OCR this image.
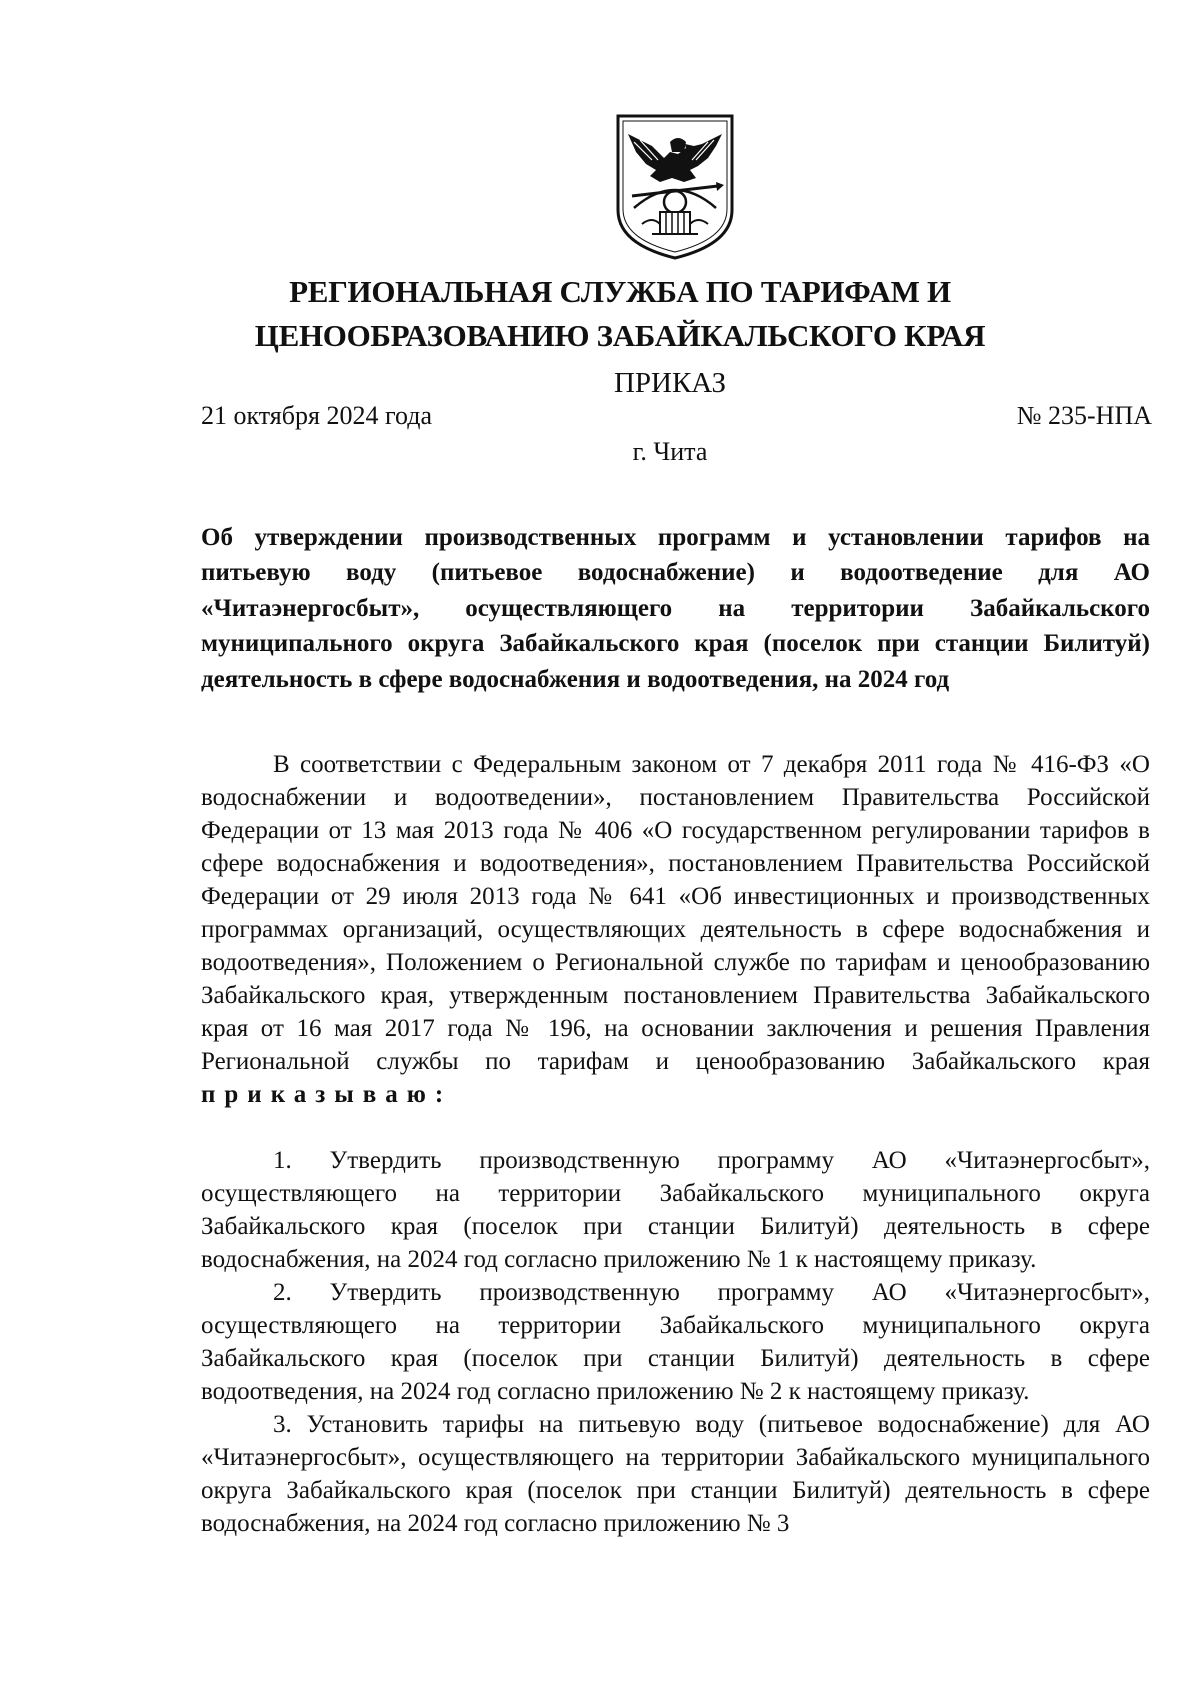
РЕГИОНАЛЬНАЯ СЛУЖБА ПО ТАРИФАМ И
ЦЕНООБРАЗОВАНИЮ ЗАБАЙКАЛЬСКОГО КРАЯ
ПРИКАЗ
21 октября 2024 года	№ 235-НПА
г. Чита

Об утверждении производственных программ и установлении тарифов на питьевую воду (питьевое водоснабжение) и водоотведение для АО «Читаэнергосбыт», осуществляющего на территории Забайкальского муниципального округа Забайкальского края (поселок при станции Билитуй) деятельность в сфере водоснабжения и водоотведения, на 2024 год

В соответствии с Федеральным законом от 7 декабря 2011 года № 416-ФЗ «О водоснабжении и водоотведении», постановлением Правительства Российской Федерации от 13 мая 2013 года № 406 «О государственном регулировании тарифов в сфере водоснабжения и водоотведения», постановлением Правительства Российской Федерации от 29 июля 2013 года № 641 «Об инвестиционных и производственных программах организаций, осуществляющих деятельность в сфере водоснабжения и водоотведения», Положением о Региональной службе по тарифам и ценообразованию Забайкальского края, утвержденным постановлением Правительства Забайкальского края от 16 мая 2017 года № 196, на основании заключения и решения Правления Региональной службы по тарифам и ценообразованию Забайкальского края приказываю:

1. Утвердить производственную программу АО «Читаэнергосбыт», осуществляющего на территории Забайкальского муниципального округа Забайкальского края (поселок при станции Билитуй) деятельность в сфере водоснабжения, на 2024 год согласно приложению № 1 к настоящему приказу.

2. Утвердить производственную программу АО «Читаэнергосбыт», осуществляющего на территории Забайкальского муниципального округа Забайкальского края (поселок при станции Билитуй) деятельность в сфере водоотведения, на 2024 год согласно приложению № 2 к настоящему приказу.

3. Установить тарифы на питьевую воду (питьевое водоснабжение) для АО «Читаэнергосбыт», осуществляющего на территории Забайкальского муниципального округа Забайкальского края (поселок при станции Билитуй) деятельность в сфере водоснабжения, на 2024 год согласно приложению № 3
